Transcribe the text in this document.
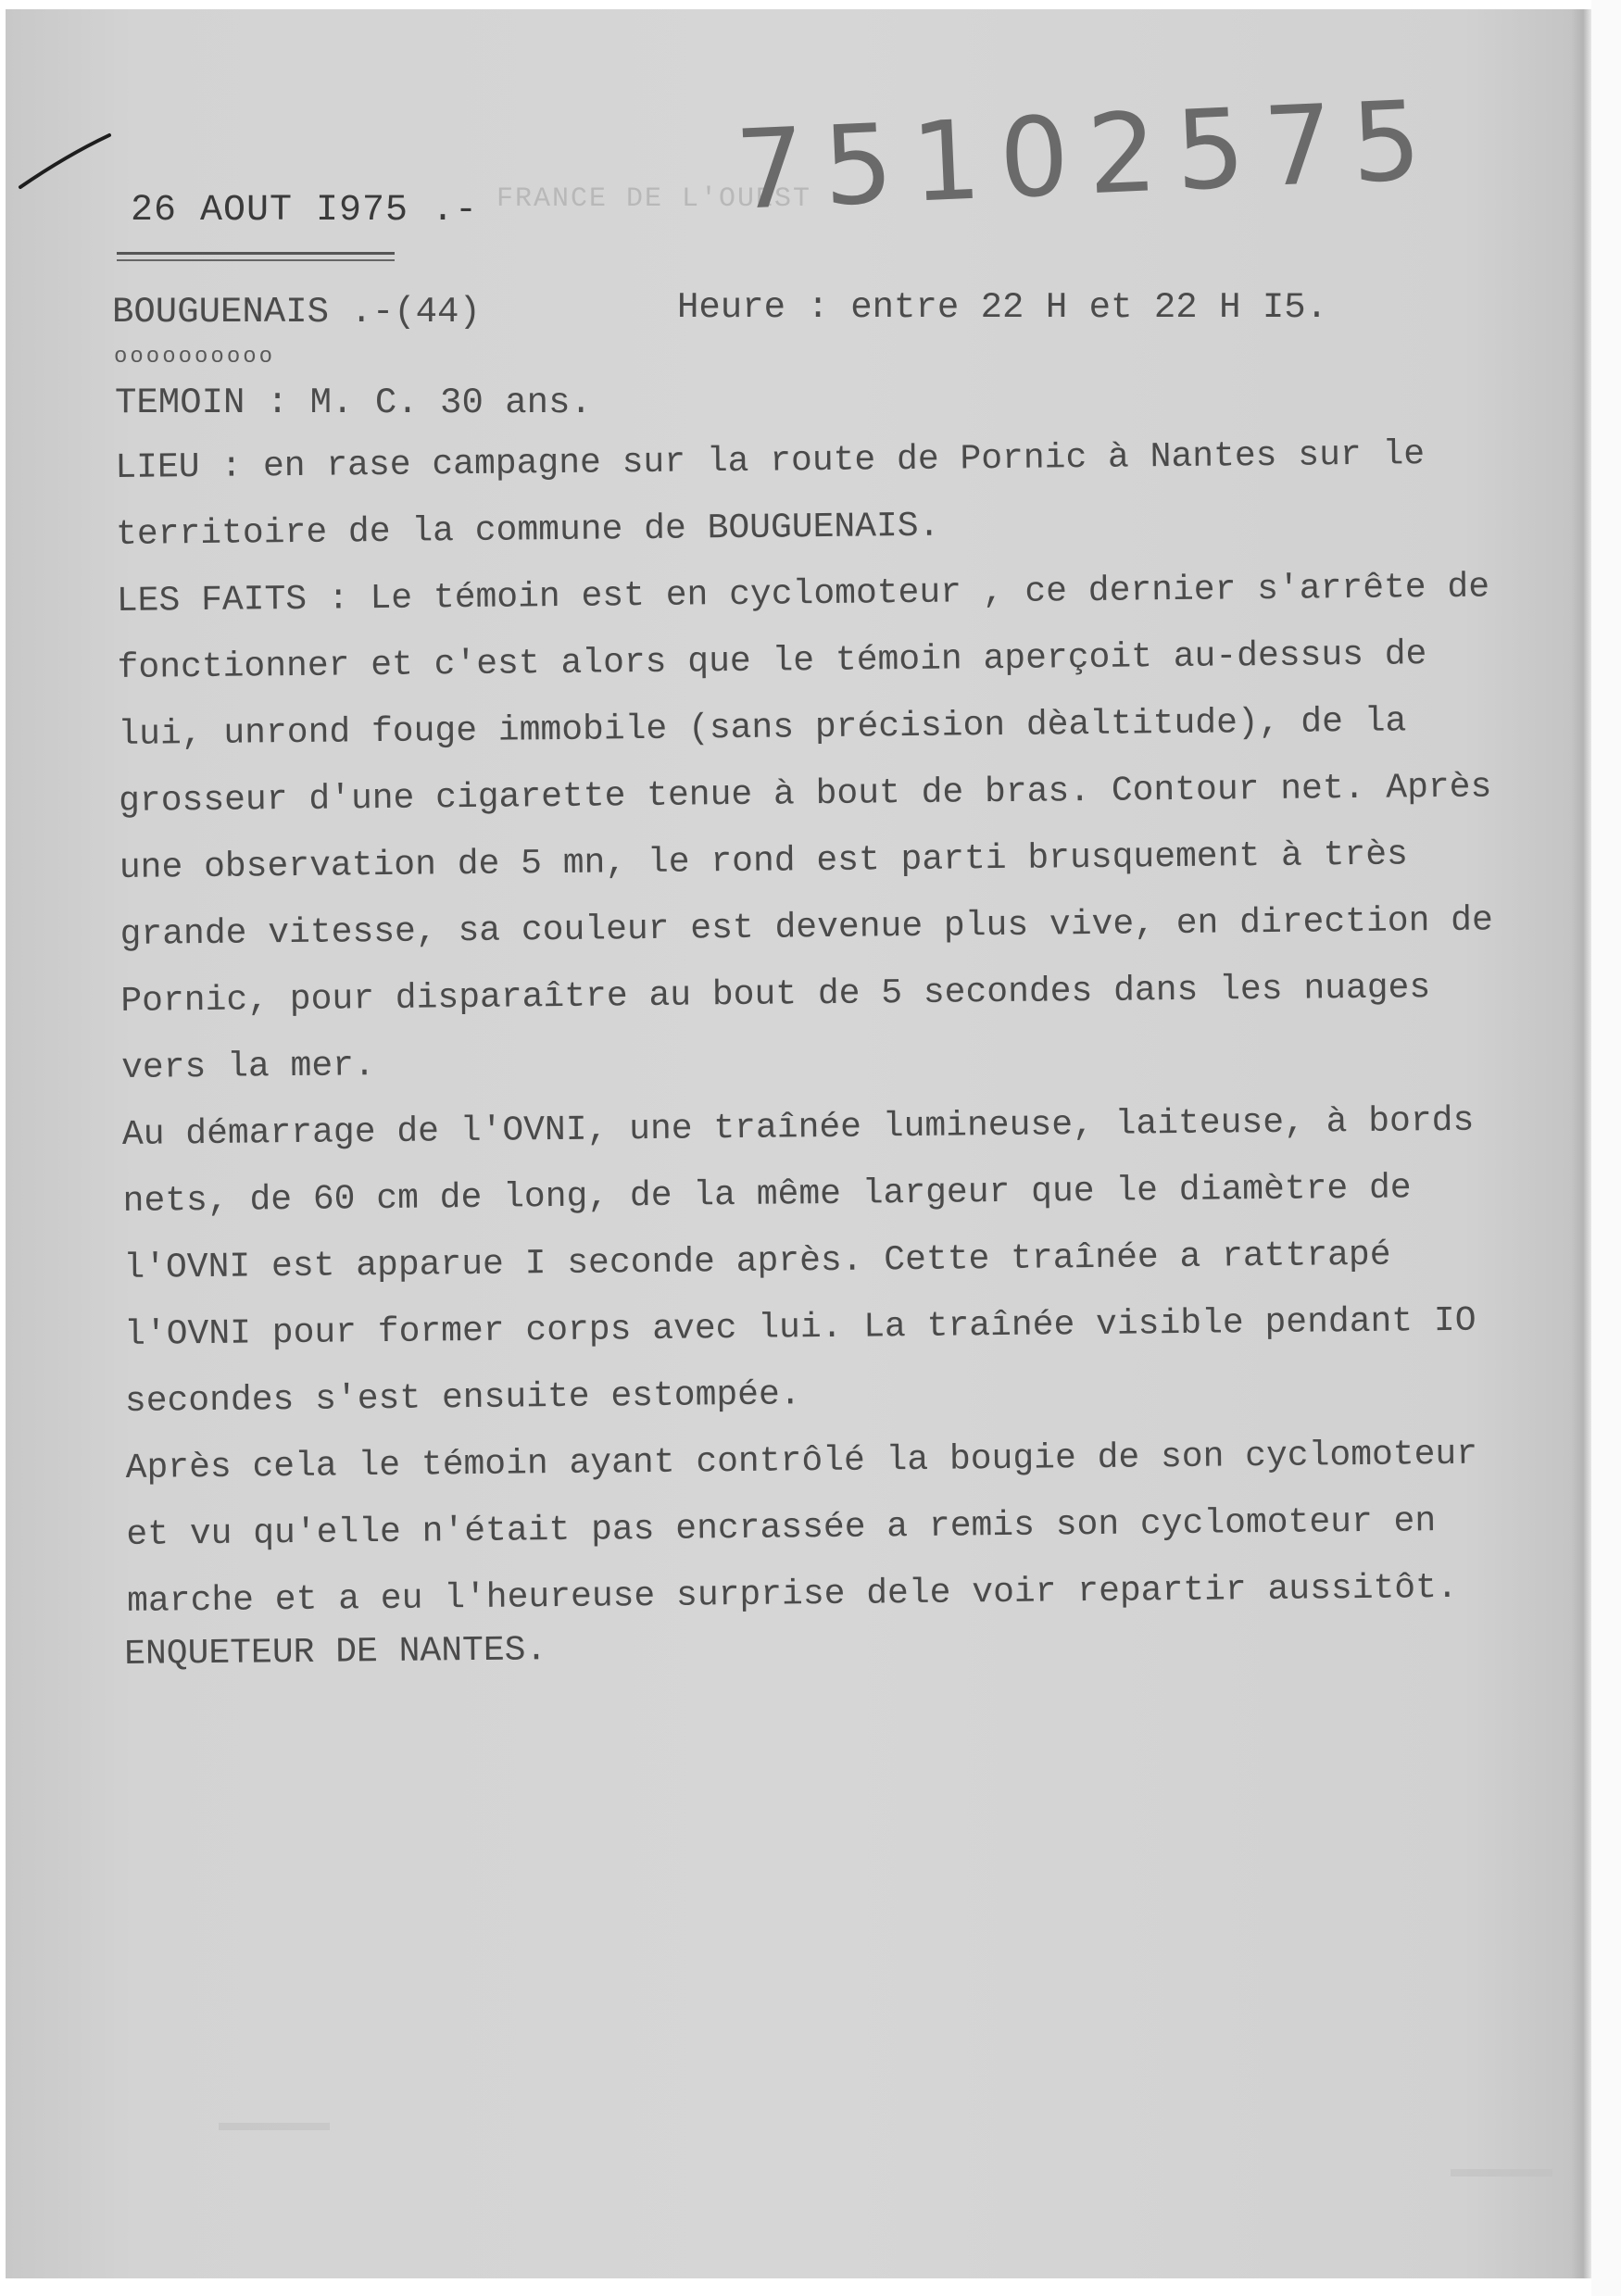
26 AOUT I975 .- FRANCE DE L'OUEST
75102575
BOUGUENAIS .-(44)	Heure : entre 22 H et 22 H I5.
oooooooooo
TEMOIN : M. C. 30 ans.

LIEU : en rase campagne sur la route de Pornic à Nantes sur le territoire de la commune de BOUGUENAIS.

LES FAITS : Le témoin est en cyclomoteur , ce dernier s'arrête de fonctionner et c'est alors que le témoin aperçoit au-dessus de lui, unrond fouge immobile (sans précision dèaltitude), de la grosseur d'une cigarette tenue à bout de bras. Contour net. Après une observation de 5 mn, le rond est parti brusquement à très grande vitesse, sa couleur est devenue plus vive, en direction de Pornic, pour disparaître au bout de 5 secondes dans les nuages vers la mer.

Au démarrage de l'OVNI, une traînée lumineuse, laiteuse, à bords nets, de 60 cm de long, de la même largeur que le diamètre de l'OVNI est apparue I seconde après. Cette traînée a rattrapé l'OVNI pour former corps avec lui. La traînée visible pendant IO secondes s'est ensuite estompée.

Après cela le témoin ayant contrôlé la bougie de son cyclomoteur et vu qu'elle n'était pas encrassée a remis son cyclomoteur en marche et a eu l'heureuse surprise dele voir repartir aussitôt.

ENQUETEUR DE NANTES.
